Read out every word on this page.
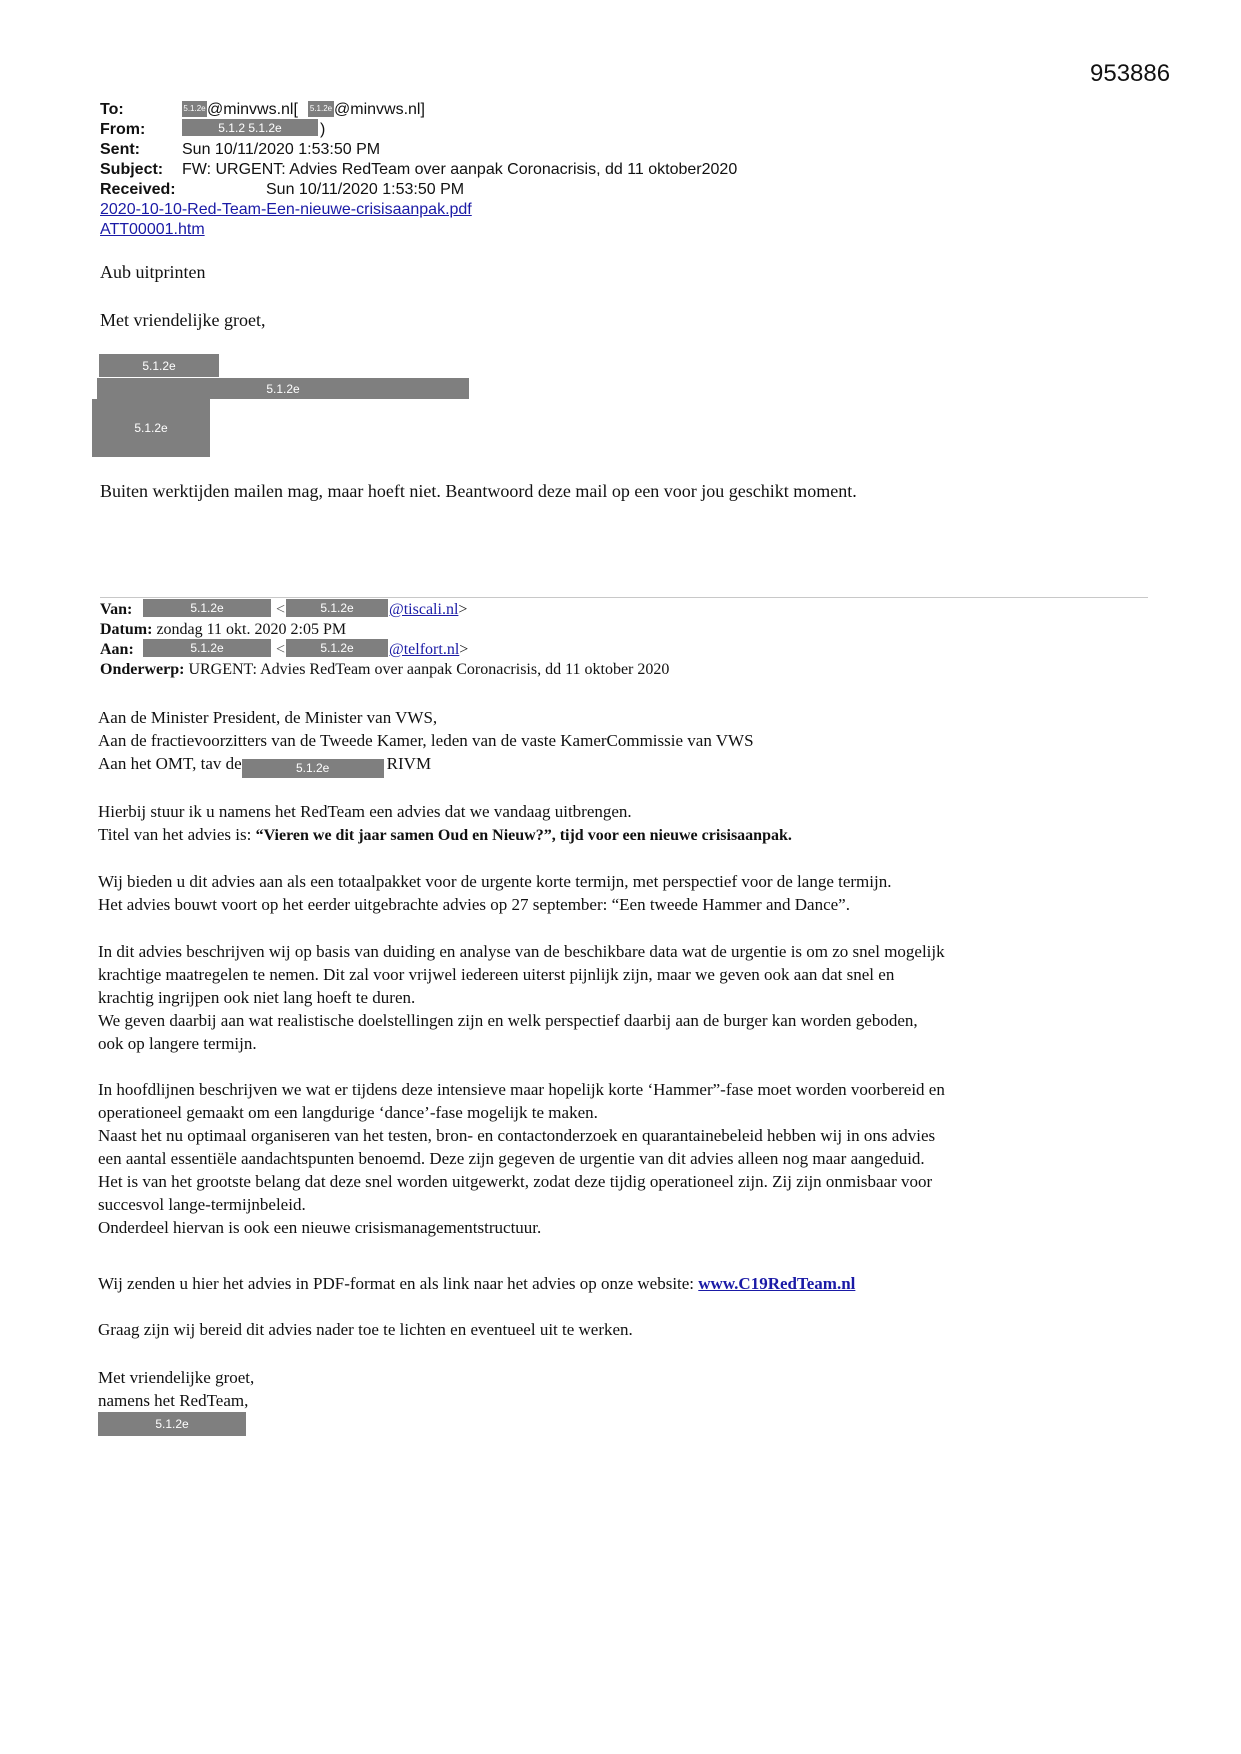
953886
To:	5.1.2e @minvws.nl[ 5.1.2e @minvws.nl]
From:	5.1.2 5.1.2e	)
Sent:	Sun 10/11/2020 1:53:50 PM
Subject: FW: URGENT: Advies RedTeam over aanpak Coronacrisis, dd 11 oktober2020
Received:	Sun 10/11/2020 1:53:50 PM
2020-10-10-Red-Team-Een-nieuwe-crisisaanpak.pdf
ATT00001.htm
Aub uitprinten
Met vriendelijke groet,
5.1.2e
5.1.2e
5.1.2e
Buiten werktijden mailen mag, maar hoeft niet. Beantwoord deze mail op een voor jou geschikt moment.
Van:	5.1.2e	<	5.1.2e	@tiscali.nl>
Datum: zondag 11 okt. 2020 2:05 PM
Aan:	5.1.2e	<	5.1.2e	@telfort.nl>
Onderwerp: URGENT: Advies RedTeam over aanpak Coronacrisis, dd 11 oktober 2020

Aan de Minister President, de Minister van VWS,

Aan de fractievoorzitters van de Tweede Kamer, leden van de vaste KamerCommissie van VWS

Aan het OMT, tav de	5.1.2e	RIVM

Hierbij stuur ik u namens het RedTeam een advies dat we vandaag uitbrengen.

Titel van het advies is: “Vieren we dit jaar samen Oud en Nieuw?”, tijd voor een nieuwe crisisaanpak.

Wij bieden u dit advies aan als een totaalpakket voor de urgente korte termijn, met perspectief voor de lange termijn.

Het advies bouwt voort op het eerder uitgebrachte advies op 27 september: “Een tweede Hammer and Dance”.

In dit advies beschrijven wij op basis van duiding en analyse van de beschikbare data wat de urgentie is om zo snel mogelijk

krachtige maatregelen te nemen. Dit zal voor vrijwel iedereen uiterst pijnlijk zijn, maar we geven ook aan dat snel en

krachtig ingrijpen ook niet lang hoeft te duren.

We geven daarbij aan wat realistische doelstellingen zijn en welk perspectief daarbij aan de burger kan worden geboden,

ook op langere termijn.

In hoofdlijnen beschrijven we wat er tijdens deze intensieve maar hopelijk korte ‘Hammer”-fase moet worden voorbereid en

operationeel gemaakt om een langdurige ‘dance’-fase mogelijk te maken.

Naast het nu optimaal organiseren van het testen, bron- en contactonderzoek en quarantainebeleid hebben wij in ons advies

een aantal essentiële aandachtspunten benoemd. Deze zijn gegeven de urgentie van dit advies alleen nog maar aangeduid.

Het is van het grootste belang dat deze snel worden uitgewerkt, zodat deze tijdig operationeel zijn. Zij zijn onmisbaar voor

succesvol lange-termijnbeleid.

Onderdeel hiervan is ook een nieuwe crisismanagementstructuur.

Wij zenden u hier het advies in PDF-format en als link naar het advies op onze website: www.C19RedTeam.nl

Graag zijn wij bereid dit advies nader toe te lichten en eventueel uit te werken.

Met vriendelijke groet,

namens het RedTeam,

5.1.2e
